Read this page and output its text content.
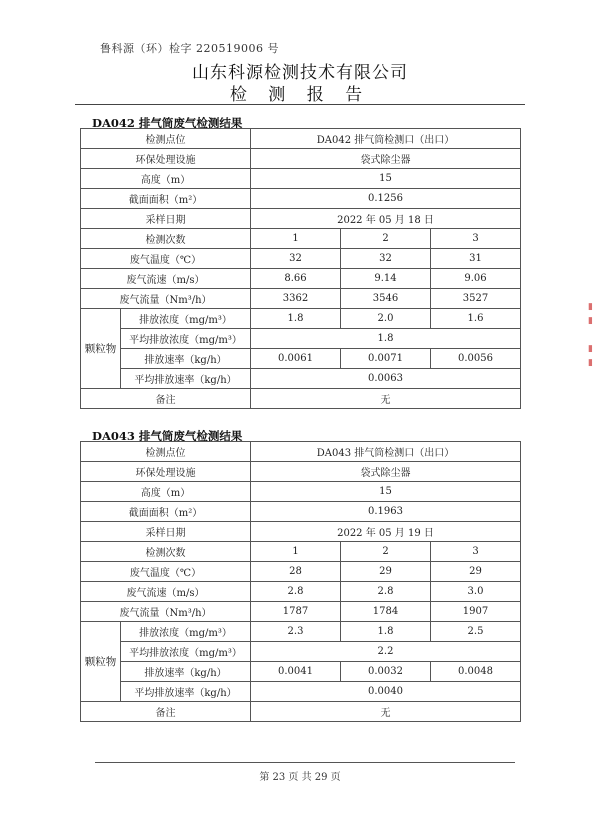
鲁科源（环）检字 220519006 号
山东科源检测技术有限公司
检 测 报 告
DA042 排气筒废气检测结果
检测点位		DA042 排气筒检测口（出口）		
环保处理设施		袋式除尘器		
高度（m）		15		
截面面积（m²）		0.1256		
采样日期		2022 年 05 月 18 日		
检测次数		1	2	3
废气温度（℃）		32	32	31
废气流速（m/s）		8.66	9.14	9.06
废气流量（Nm³/h）		3362	3546	3527
颗粒物	排放浓度（mg/m³）	1.8	2.0	1.6
	平均排放浓度（mg/m³）	1.8		
	排放速率（kg/h）	0.0061	0.0071	0.0056
	平均排放速率（kg/h）	0.0063		
备注		无		
DA043 排气筒废气检测结果
检测点位		DA043 排气筒检测口（出口）		
环保处理设施		袋式除尘器		
高度（m）		15		
截面面积（m²）		0.1963		
采样日期		2022 年 05 月 19 日		
检测次数		1	2	3
废气温度（℃）		28	29	29
废气流速（m/s）		2.8	2.8	3.0
废气流量（Nm³/h）		1787	1784	1907
颗粒物	排放浓度（mg/m³）	2.3	1.8	2.5
	平均排放浓度（mg/m³）	2.2		
	排放速率（kg/h）	0.0041	0.0032	0.0048
	平均排放速率（kg/h）	0.0040		
备注		无		
第 23 页 共 29 页
▮
▮

▮
▮
